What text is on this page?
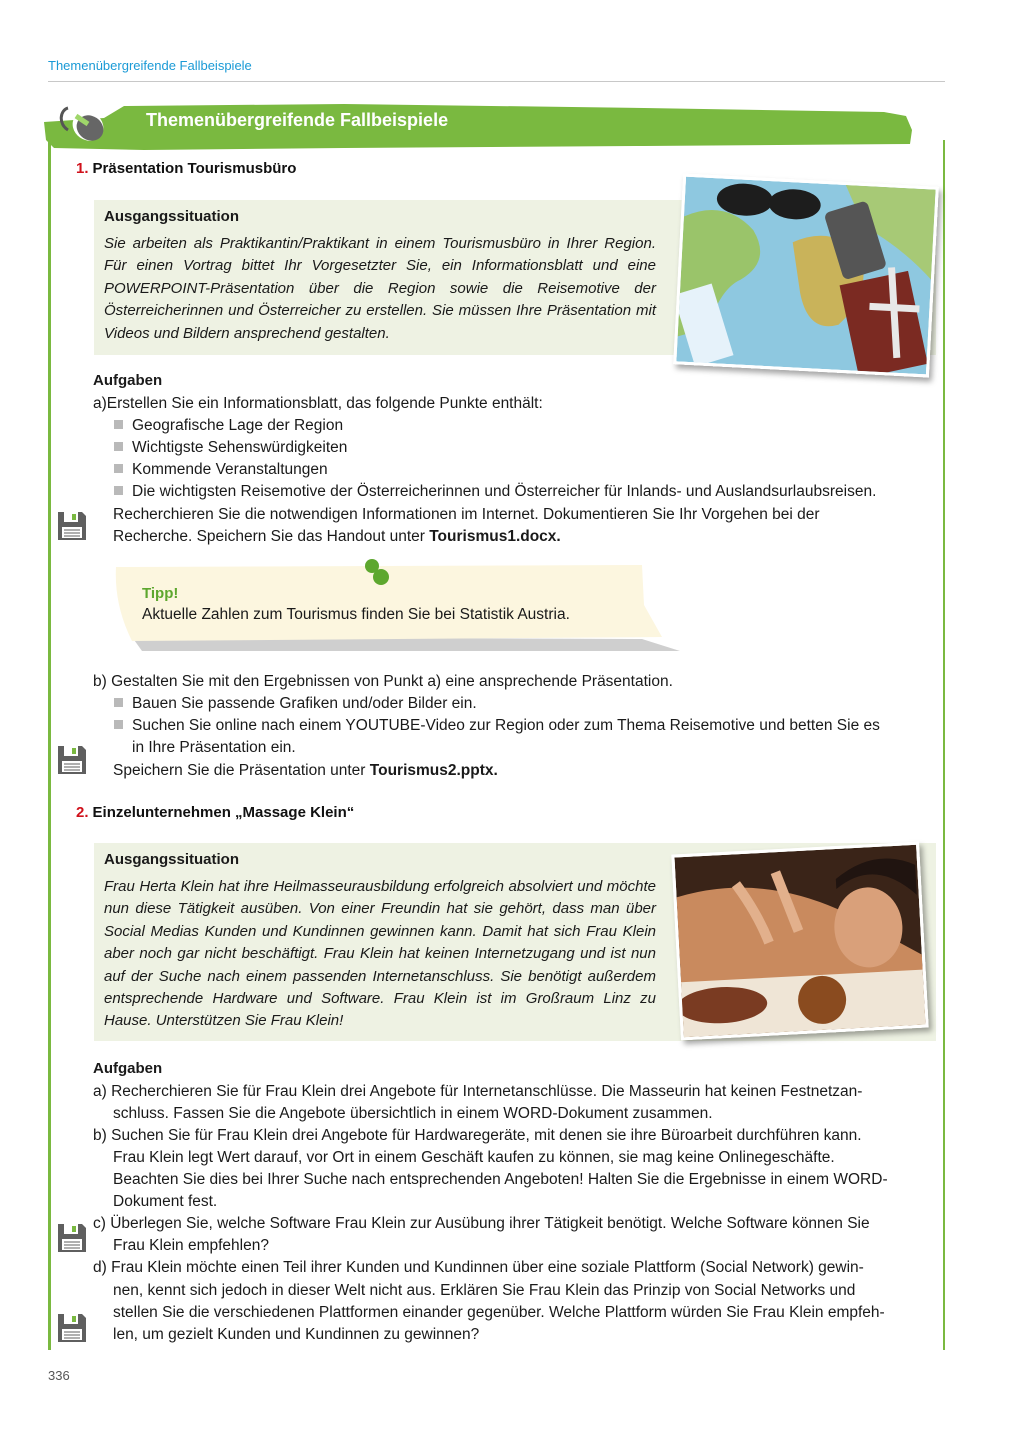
Themenübergreifende Fallbeispiele
Themenübergreifende Fallbeispiele
1. Präsentation Tourismusbüro
Ausgangssituation

Sie arbeiten als Praktikantin/Praktikant in einem Tourismusbüro in Ihrer Region. Für einen Vortrag bittet Ihr Vorgesetzter Sie, ein Informationsblatt und eine POWERPOINT-Präsentation über die Region sowie die Reisemotive der Österreicherinnen und Österreicher zu erstellen. Sie müssen Ihre Präsentation mit Videos und Bildern ansprechend gestalten.

Aufgaben
a)Erstellen Sie ein Informationsblatt, das folgende Punkte enthält:
Geografische Lage der Region
Wichtigste Sehenswürdigkeiten
Kommende Veranstaltungen
Die wichtigsten Reisemotive der Österreicherinnen und Österreicher für Inlands- und Auslandsurlaubsreisen.
Recherchieren Sie die notwendigen Informationen im Internet. Dokumentieren Sie Ihr Vorgehen bei der
Recherche. Speichern Sie das Handout unter Tourismus1.docx.
Tipp!
Aktuelle Zahlen zum Tourismus finden Sie bei Statistik Austria.
b) Gestalten Sie mit den Ergebnissen von Punkt a) eine ansprechende Präsentation.
Bauen Sie passende Grafiken und/oder Bilder ein.
Suchen Sie online nach einem YOUTUBE-Video zur Region oder zum Thema Reisemotive und betten Sie es
in Ihre Präsentation ein.
Speichern Sie die Präsentation unter Tourismus2.pptx.
2. Einzelunternehmen „Massage Klein“
Ausgangssituation

Frau Herta Klein hat ihre Heilmasseurausbildung erfolgreich absolviert und möchte nun diese Tätigkeit ausüben. Von einer Freundin hat sie gehört, dass man über Social Medias Kunden und Kundinnen gewinnen kann. Damit hat sich Frau Klein aber noch gar nicht beschäftigt. Frau Klein hat keinen Internetzugang und ist nun auf der Suche nach einem passenden Internetanschluss. Sie benötigt außerdem entsprechende Hardware und Software. Frau Klein ist im Großraum Linz zu Hause. Unterstützen Sie Frau Klein!

Aufgaben
a) Recherchieren Sie für Frau Klein drei Angebote für Internetanschlüsse. Die Masseurin hat keinen Festnetzan-
schluss. Fassen Sie die Angebote übersichtlich in einem WORD-Dokument zusammen.
b) Suchen Sie für Frau Klein drei Angebote für Hardwaregeräte, mit denen sie ihre Büroarbeit durchführen kann.
Frau Klein legt Wert darauf, vor Ort in einem Geschäft kaufen zu können, sie mag keine Onlinegeschäfte.
Beachten Sie dies bei Ihrer Suche nach entsprechenden Angeboten! Halten Sie die Ergebnisse in einem WORD-
Dokument fest.
c) Überlegen Sie, welche Software Frau Klein zur Ausübung ihrer Tätigkeit benötigt. Welche Software können Sie
Frau Klein empfehlen?
d) Frau Klein möchte einen Teil ihrer Kunden und Kundinnen über eine soziale Plattform (Social Network) gewin-
nen, kennt sich jedoch in dieser Welt nicht aus. Erklären Sie Frau Klein das Prinzip von Social Networks und
stellen Sie die verschiedenen Plattformen einander gegenüber. Welche Plattform würden Sie Frau Klein empfeh-
len, um gezielt Kunden und Kundinnen zu gewinnen?
336
